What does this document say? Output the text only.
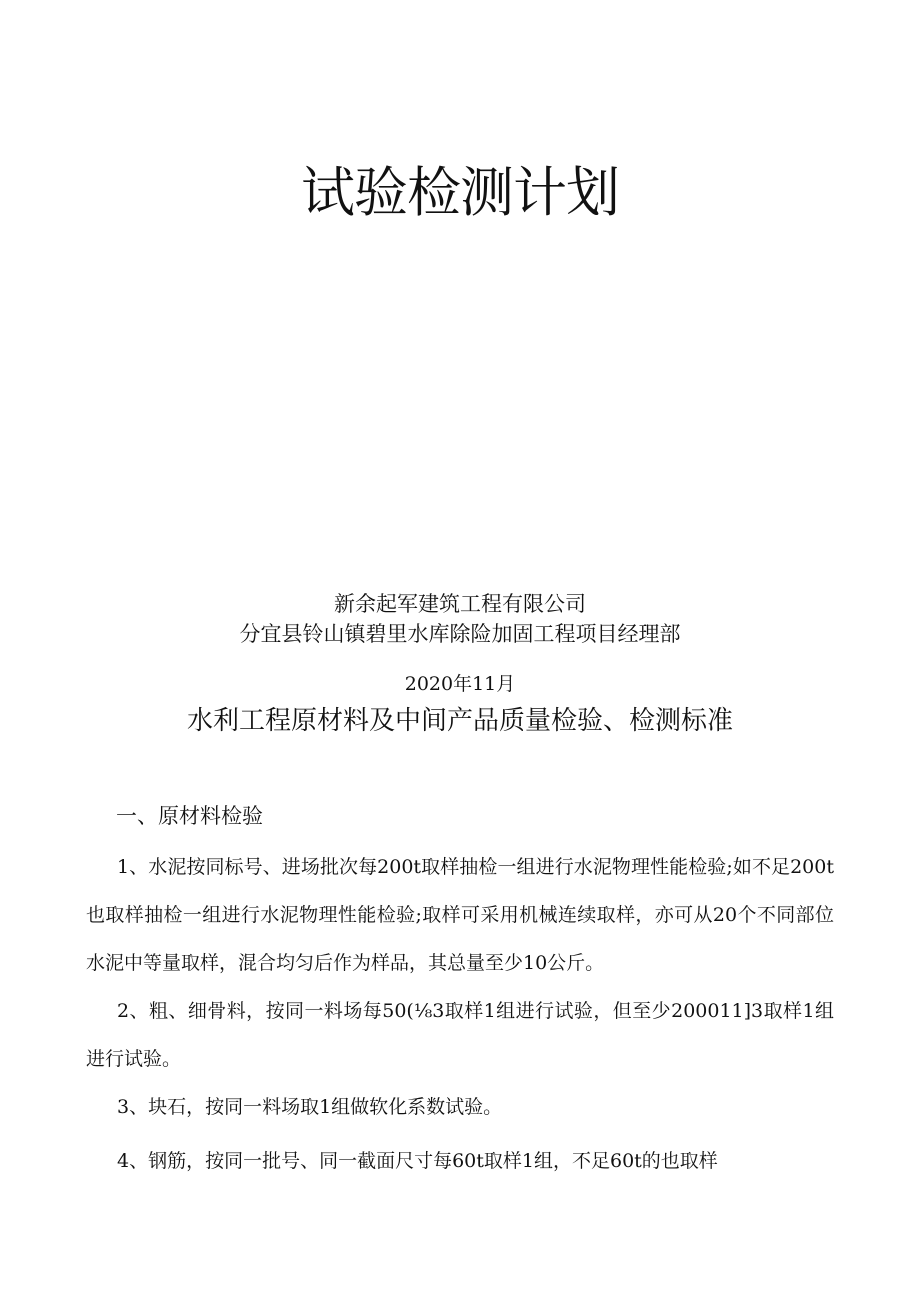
试验检测计划
新余起军建筑工程有限公司
分宜县铃山镇碧里水库除险加固工程项目经理部
2020年11月
水利工程原材料及中间产品质量检验、检测标准
一、原材料检验

1、水泥按同标号、进场批次每200t取样抽检一组进行水泥物理性能检验;如不足200t也取样抽检一组进行水泥物理性能检验;取样可采用机械连续取样，亦可从20个不同部位水泥中等量取样，混合均匀后作为样品，其总量至少10公斤。

2、粗、细骨料，按同一料场每50(⅛3取样1组进行试验，但至少200011]3取样1组进行试验。

3、块石，按同一料场取1组做软化系数试验。

4、钢筋，按同一批号、同一截面尺寸每60t取样1组，不足60t的也取样
